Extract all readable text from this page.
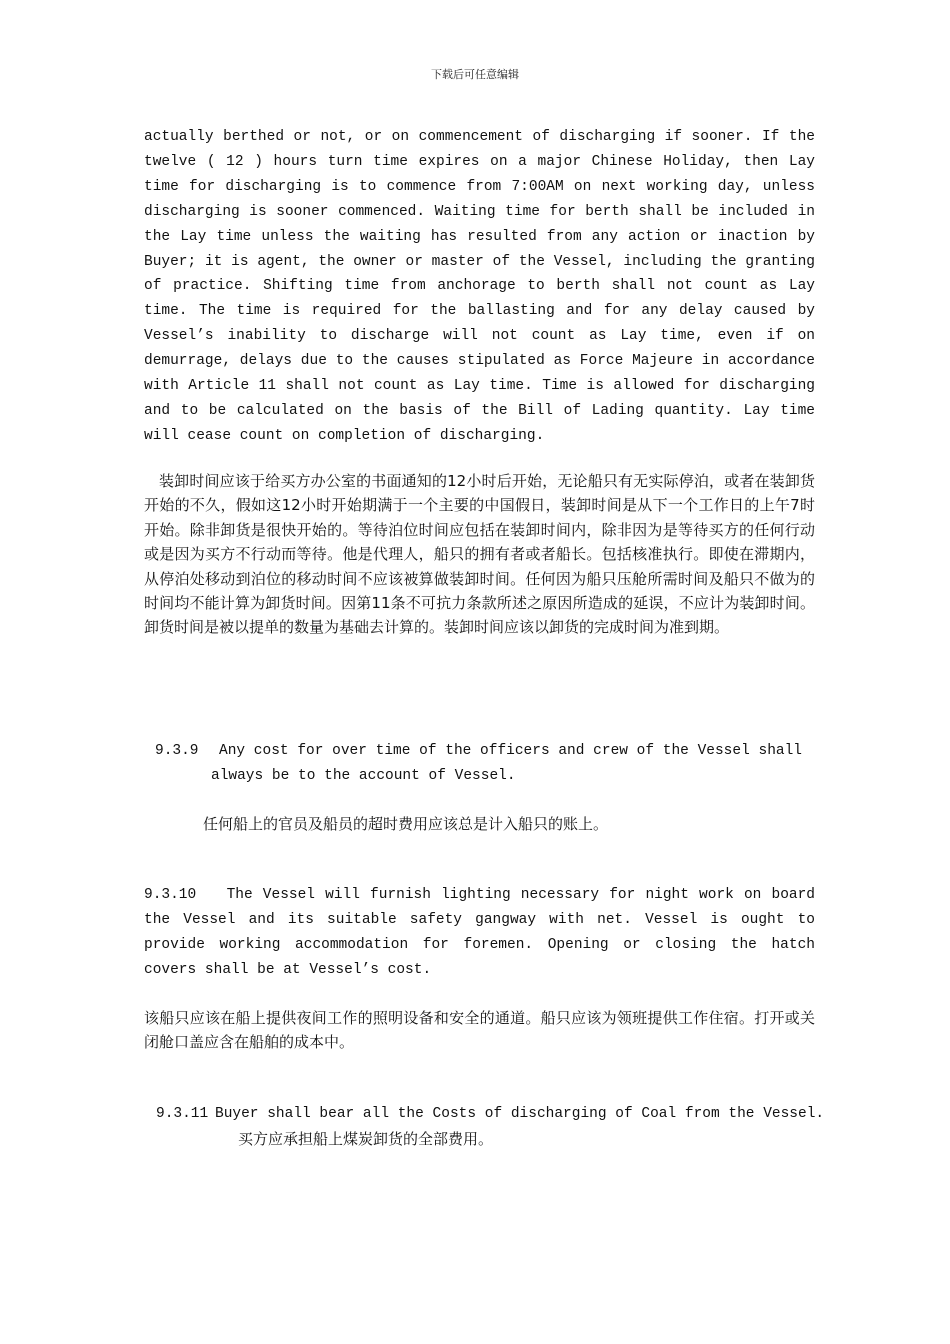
下载后可任意编辑

actually berthed or not, or on commencement of discharging if sooner. If the twelve ( 12 ) hours turn time expires on a major Chinese Holiday, then Lay time for discharging is to commence from 7:00AM on next working day, unless discharging is sooner commenced. Waiting time for berth shall be included in the Lay time unless the waiting has resulted from any action or inaction by Buyer; it is agent, the owner or master of the Vessel, including the granting of practice. Shifting time from anchorage to berth shall not count as Lay time. The time is required for the ballasting and for any delay caused by Vessel’s inability to discharge will not count as Lay time, even if on demurrage, delays due to the causes stipulated as Force Majeure in accordance with Article 11 shall not count as Lay time. Time is allowed for discharging and to be calculated on the basis of the Bill of Lading quantity. Lay time will cease count on completion of discharging.

装卸时间应该于给买方办公室的书面通知的12小时后开始，无论船只有无实际停泊，或者在装卸货开始的不久，假如这12小时开始期满于一个主要的中国假日，装卸时间是从下一个工作日的上午7时开始。除非卸货是很快开始的。等待泊位时间应包括在装卸时间内，除非因为是等待买方的任何行动或是因为买方不行动而等待。他是代理人，船只的拥有者或者船长。包括核准执行。即使在滞期内，从停泊处移动到泊位的移动时间不应该被算做装卸时间。任何因为船只压舱所需时间及船只不做为的时间均不能计算为卸货时间。因第11条不可抗力条款所述之原因所造成的延误，不应计为装卸时间。卸货时间是被以提单的数量为基础去计算的。装卸时间应该以卸货的完成时间为准到期。

9.3.9 Any cost for over time of the officers and crew of the Vessel shall
always be to the account of Vessel.

任何船上的官员及船员的超时费用应该总是计入船只的账上。

9.3.10 The Vessel will furnish lighting necessary for night work on board the Vessel and its suitable safety gangway with net. Vessel is ought to provide working accommodation for foremen. Opening or closing the hatch covers shall be at Vessel’s cost.

该船只应该在船上提供夜间工作的照明设备和安全的通道。船只应该为领班提供工作住宿。打开或关闭舱口盖应含在船舶的成本中。

9.3.11 Buyer shall bear all the Costs of discharging of Coal from the Vessel.

买方应承担船上煤炭卸货的全部费用。
